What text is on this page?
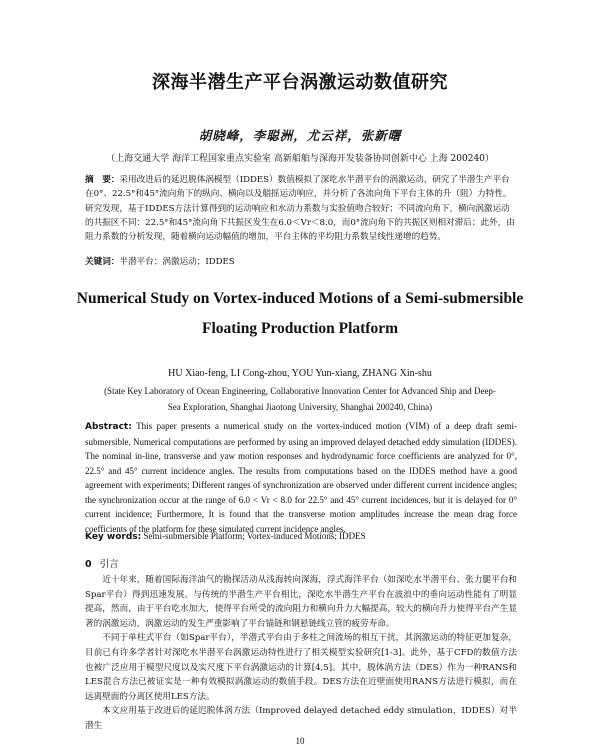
深海半潜生产平台涡激运动数值研究
胡晓峰，李聪洲，尤云祥，张新曙
（上海交通大学 海洋工程国家重点实验室 高新船舶与深海开发装备协同创新中心 上海 200240）
摘　要：采用改进后的延迟脱体涡模型（IDDES）数值模拟了深吃水半潜平台的涡激运动，研究了半潜生产平台在0°、22.5°和45°流向角下的纵向、横向以及艏摇运动响应，并分析了各流向角下平台主体的升（阻）力特性。研究发现，基于IDDES方法计算得到的运动响应和水动力系数与实验值吻合较好；不同流向角下，横向涡激运动的共振区不同：22.5°和45°流向角下共振区发生在6.0＜Vr＜8.0，而0°流向角下的共振区则相对滞后；此外，由阻力系数的分析发现，随着横向运动幅值的增加，平台主体的平均阻力系数呈线性递增的趋势。
关键词：半潜平台；涡激运动；IDDES
Numerical Study on Vortex-induced Motions of a Semi-submersible
Floating Production Platform
HU Xiao-feng, LI Cong-zhou, YOU Yun-xiang, ZHANG Xin-shu
(State Key Laboratory of Ocean Engineering, Collaborative Innovation Center for Advanced Ship and Deep-Sea Exploration, Shanghai Jiaotong University, Shanghai 200240, China)
Abstract: This paper presents a numerical study on the vortex-induced motion (VIM) of a deep draft semi-submersible. Numerical computations are performed by using an improved delayed detached eddy simulation (IDDES). The nominal in-line, transverse and yaw motion responses and hydrodynamic force coefficients are analyzed for 0°, 22.5° and 45° current incidence angles. The results from computations based on the IDDES method have a good agreement with experiments; Different ranges of synchronization are observed under different current incidence angles; the synchronization occur at the range of 6.0 < Vr < 8.0 for 22.5° and 45° current incidences, but it is delayed for 0° current incidence; Furthermore, It is found that the transverse motion amplitudes increase the mean drag force coefficients of the platform for these simulated current incidence angles.
Key words: Semi-submersible Platform; Vortex-induced Motions; IDDES
0 引言

近十年来，随着国际海洋油气的勘探活动从浅海转向深海，浮式海洋平台（如深吃水半潜平台、张力腿平台和Spar平台）得到迅速发展。与传统的半潜生产平台相比，深吃水半潜生产平台在波浪中的垂向运动性能有了明显提高，然而，由于平台吃水加大，使得平台所受的流向阻力和横向升力大幅提高，较大的横向升力使得平台产生显著的涡激运动，涡激运动的发生严重影响了平台锚链和钢悬链线立管的疲劳寿命。

不同于单柱式平台（如Spar平台），半潜式平台由于多柱之间流场的相互干扰，其涡激运动的特征更加复杂，目前已有许多学者针对深吃水半潜平台涡激运动特性进行了相关模型实验研究[1-3]。此外，基于CFD的数值方法也被广泛应用于模型尺度以及实尺度下平台涡激运动的计算[4,5]。其中，脱体涡方法（DES）作为一种RANS和LES混合方法已被证实是一种有效模拟涡激运动的数值手段。DES方法在近壁面使用RANS方法进行模拟，而在远离壁面的分离区使用LES方法。

本文应用基于改进后的延迟脱体涡方法（Improved delayed detached eddy simulation，IDDES）对半潜生

10
